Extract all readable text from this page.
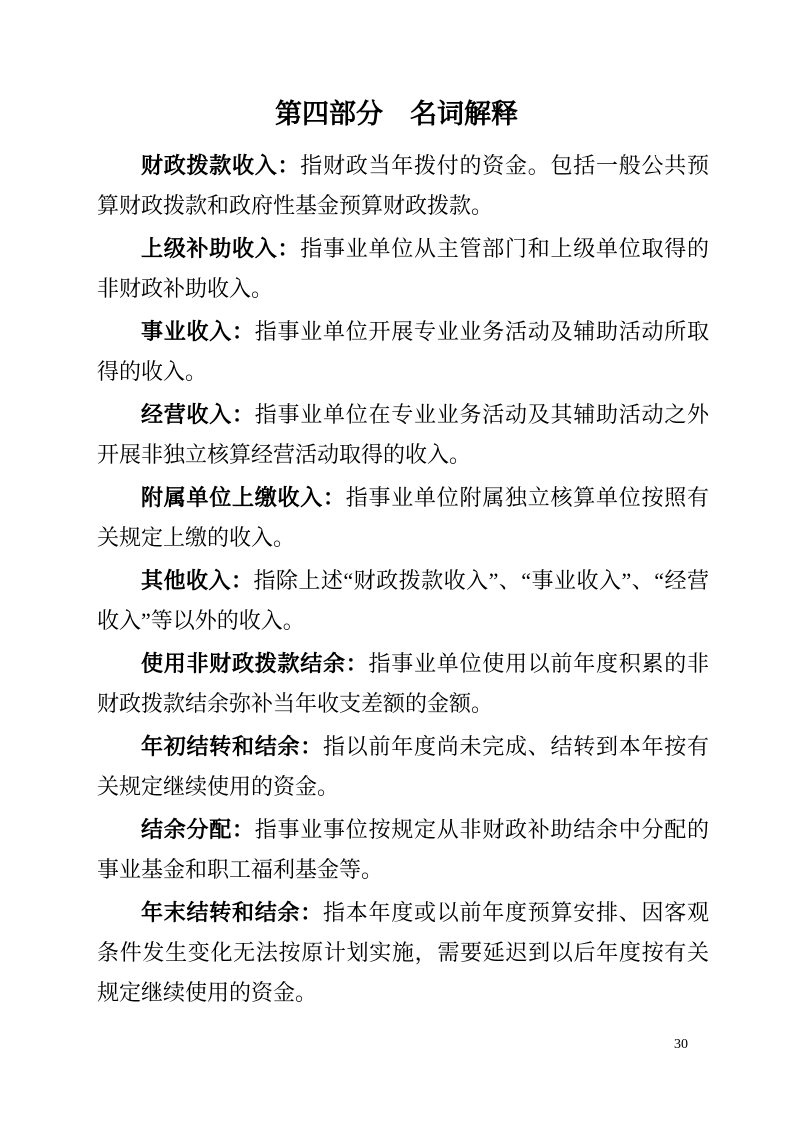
第四部分　名词解释

财政拨款收入：指财政当年拨付的资金。包括一般公共预算财政拨款和政府性基金预算财政拨款。

上级补助收入：指事业单位从主管部门和上级单位取得的非财政补助收入。

事业收入：指事业单位开展专业业务活动及辅助活动所取得的收入。

经营收入：指事业单位在专业业务活动及其辅助活动之外开展非独立核算经营活动取得的收入。

附属单位上缴收入：指事业单位附属独立核算单位按照有关规定上缴的收入。

其他收入：指除上述“财政拨款收入”、“事业收入”、“经营收入”等以外的收入。

使用非财政拨款结余：指事业单位使用以前年度积累的非财政拨款结余弥补当年收支差额的金额。

年初结转和结余：指以前年度尚未完成、结转到本年按有关规定继续使用的资金。

结余分配：指事业事位按规定从非财政补助结余中分配的事业基金和职工福利基金等。

年末结转和结余：指本年度或以前年度预算安排、因客观条件发生变化无法按原计划实施，需要延迟到以后年度按有关规定继续使用的资金。

30
